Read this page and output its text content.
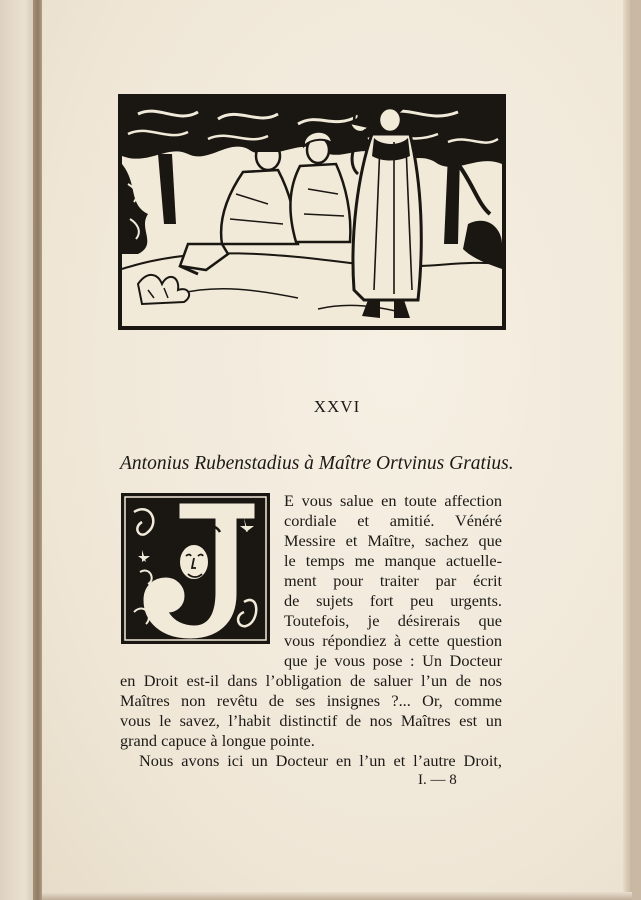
XXVI
Antonius Rubenstadius à Maître Ortvinus Gratius.
E vous salue en toute affection
cordiale et amitié. Vénéré
Messire et Maître, sachez que
le temps me manque actuelle-
ment pour traiter par écrit
de sujets fort peu urgents.
Toutefois, je désirerais que
vous répondiez à cette question
que je vous pose : Un Docteur
en Droit est-il dans l’obligation de saluer l’un de nos
Maîtres non revêtu de ses insignes ?... Or, comme
vous le savez, l’habit distinctif de nos Maîtres est un
grand capuce à longue pointe.
Nous avons ici un Docteur en l’un et l’autre Droit,
I. — 8
